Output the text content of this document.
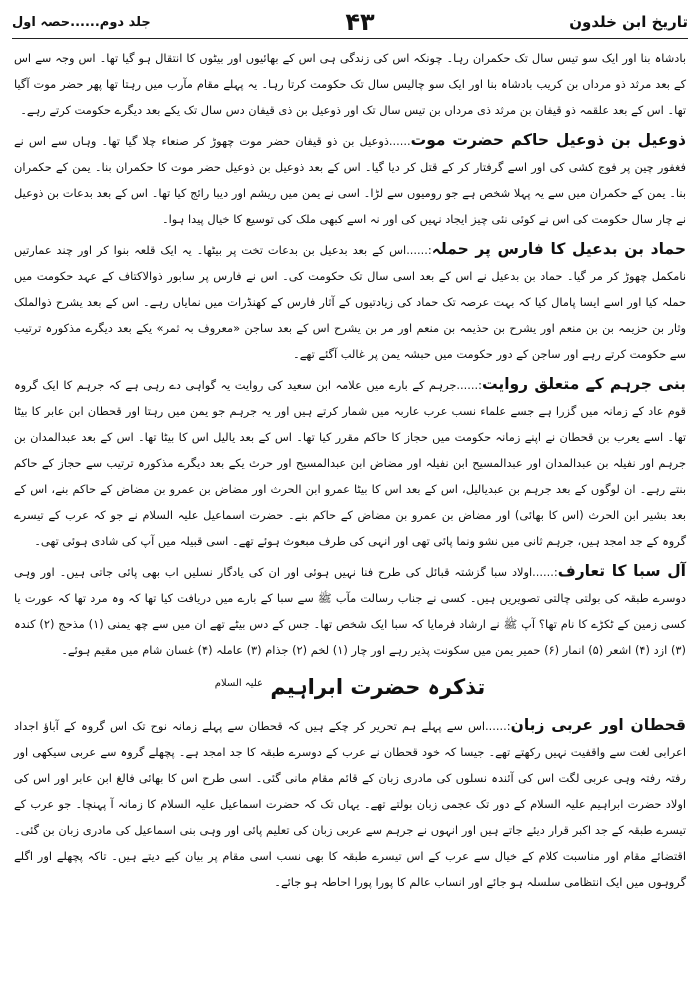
تاریخ ابن خلدون
۴۳
جلد دوم......حصہ اول

بادشاہ بنا اور ایک سو تیس سال تک حکمران رہا۔ چونکہ اس کی زندگی ہی اس کے بھائیوں اور بیٹوں کا انتقال ہو گیا تھا۔ اس وجہ سے اس کے بعد مرثد ذو مرداں بن کریب بادشاہ بنا اور ایک سو چالیس سال تک حکومت کرتا رہا۔ یہ پہلے مقام مآرب میں رہتا تھا پھر حضر موت آگیا تھا۔ اس کے بعد علقمہ ذو قیفان بن مرثد ذی مرداں بن تیس سال تک اور ذوعیل بن ذی قیفان دس سال تک یکے بعد دیگرے حکومت کرتے رہے۔

ذوعیل بن ذوعیل حاکم حضرت موت......ذوعیل بن ذو قیفان حضر موت چھوڑ کر صنعاء چلا گیا تھا۔ وہاں سے اس نے فغفور چین پر فوج کشی کی اور اسے گرفتار کر کے قتل کر دیا گیا۔ اس کے بعد ذوعیل بن ذوعیل حضر موت کا حکمران بنا۔ یمن کے حکمران بنا۔ یمن کے حکمران میں سے یہ پہلا شخص ہے جو رومیوں سے لڑا۔ اسی نے یمن میں ریشم اور دیبا رائج کیا تھا۔ اس کے بعد بدعات بن ذوعیل نے چار سال حکومت کی اس نے کوئی نئی چیز ایجاد نہیں کی اور نہ اسے کبھی ملک کی توسیع کا خیال پیدا ہوا۔

حماد بن بدعیل کا فارس پر حملہ:......اس کے بعد بدعیل بن بدعات تخت پر بیٹھا۔ یہ ایک قلعہ بنوا کر اور چند عمارتیں نامکمل چھوڑ کر مر گیا۔ حماد بن بدعیل نے اس کے بعد اسی سال تک حکومت کی۔ اس نے فارس پر سابور ذوالاکتاف کے عہد حکومت میں حملہ کیا اور اسے ایسا پامال کیا کہ بہت عرصہ تک حماد کی زیادتیوں کے آثار فارس کے کھنڈرات میں نمایاں رہے۔ اس کے بعد یشرح ذوالملک وثار بن حزیمہ بن بن منعم اور یشرح بن حذیمہ بن منعم اور مر بن یشرح اس کے بعد ساجن «معروف بہ ثمر» یکے بعد دیگرے مذکورہ ترتیب سے حکومت کرتے رہے اور ساجن کے دور حکومت میں حبشہ یمن پر غالب آگئے تھے۔

بنی جرہم کے متعلق روایت:......جرہم کے بارے میں علامہ ابن سعید کی روایت یہ گواہی دے رہی ہے کہ جرہم کا ایک گروہ قوم عاد کے زمانہ میں گزرا ہے جسے علماء نسب عرب عاربہ میں شمار کرتے ہیں اور یہ جرہم جو یمن میں رہتا اور قحطان ابن عابر کا بیٹا تھا۔ اسے یعرب بن قحطان نے اپنے زمانہ حکومت میں حجاز کا حاکم مقرر کیا تھا۔ اس کے بعد یالیل اس کا بیٹا تھا۔ اس کے بعد عبدالمدان بن جرہم اور نفیلہ بن عبدالمدان اور عبدالمسیح ابن نفیلہ اور مضاض ابن عبدالمسیح اور حرث یکے بعد دیگرے مذکورہ ترتیب سے حجاز کے حاکم بنتے رہے۔ ان لوگوں کے بعد جرہم بن عبدیالیل، اس کے بعد اس کا بیٹا عمرو ابن الحرث اور مضاض بن عمرو بن مضاض کے حاکم بنے، اس کے بعد بشیر ابن الحرث (اس کا بھائی) اور مضاض بن عمرو بن مضاض کے حاکم بنے۔ حضرت اسماعیل علیہ السلام نے جو کہ عرب کے تیسرے گروہ کے جد امجد ہیں، جرہم ثانی میں نشو ونما پائی تھی اور انہی کی طرف مبعوث ہوئے تھے۔ اسی قبیلہ میں آپ کی شادی ہوئی تھی۔

آل سبا کا تعارف:......اولاد سبا گزشتہ قبائل کی طرح فنا نہیں ہوئی اور ان کی یادگار نسلیں اب بھی پائی جاتی ہیں۔ اور وہی دوسرے طبقہ کی بولتی چالتی تصویریں ہیں۔ کسی نے جناب رسالت مآب ﷺ سے سبا کے بارے میں دریافت کیا تھا کہ وہ مرد تھا کہ عورت یا کسی زمین کے ٹکڑے کا نام تھا؟ آپ ﷺ نے ارشاد فرمایا کہ سبا ایک شخص تھا۔ جس کے دس بیٹے تھے ان میں سے چھ یمنی (۱) مذحج (۲) کندہ (۳) ازد (۴) اشعر (۵) انمار (۶) حمیر یمن میں سکونت پذیر رہے اور چار (۱) لخم (۲) جذام (۳) عاملہ (۴) غسان شام میں مقیم ہوئے۔

تذکرہ حضرت ابراہیم $^{علیہ السلام}$

قحطان اور عربی زبان:......اس سے پہلے ہم تحریر کر چکے ہیں کہ قحطان سے پہلے زمانہ نوح تک اس گروہ کے آباؤ اجداد اعرابی لغت سے واقفیت نہیں رکھتے تھے۔ جیسا کہ خود قحطان نے عرب کے دوسرے طبقہ کا جد امجد ہے۔ پچھلے گروہ سے عربی سیکھی اور رفتہ رفتہ وہی عربی لگت اس کی آئندہ نسلوں کی مادری زبان کے قائم مقام مانی گئی۔ اسی طرح اس کا بھائی فالغ ابن عابر اور اس کی اولاد حضرت ابراہیم علیہ السلام کے دور تک عجمی زبان بولتے تھے۔ یہاں تک کہ حضرت اسماعیل علیہ السلام کا زمانہ آ پہنچا۔ جو عرب کے تیسرے طبقہ کے جد اکبر قرار دیئے جاتے ہیں اور انہوں نے جرہم سے عربی زبان کی تعلیم پائی اور وہی بنی اسماعیل کی مادری زبان بن گئی۔ اقتضائے مقام اور مناسبت کلام کے خیال سے عرب کے اس تیسرے طبقہ کا بھی نسب اسی مقام پر بیان کیے دیتے ہیں۔ تاکہ پچھلے اور اگلے گروہوں میں ایک انتظامی سلسلہ ہو جائے اور انساب عالم کا پورا پورا احاطہ ہو جائے۔
